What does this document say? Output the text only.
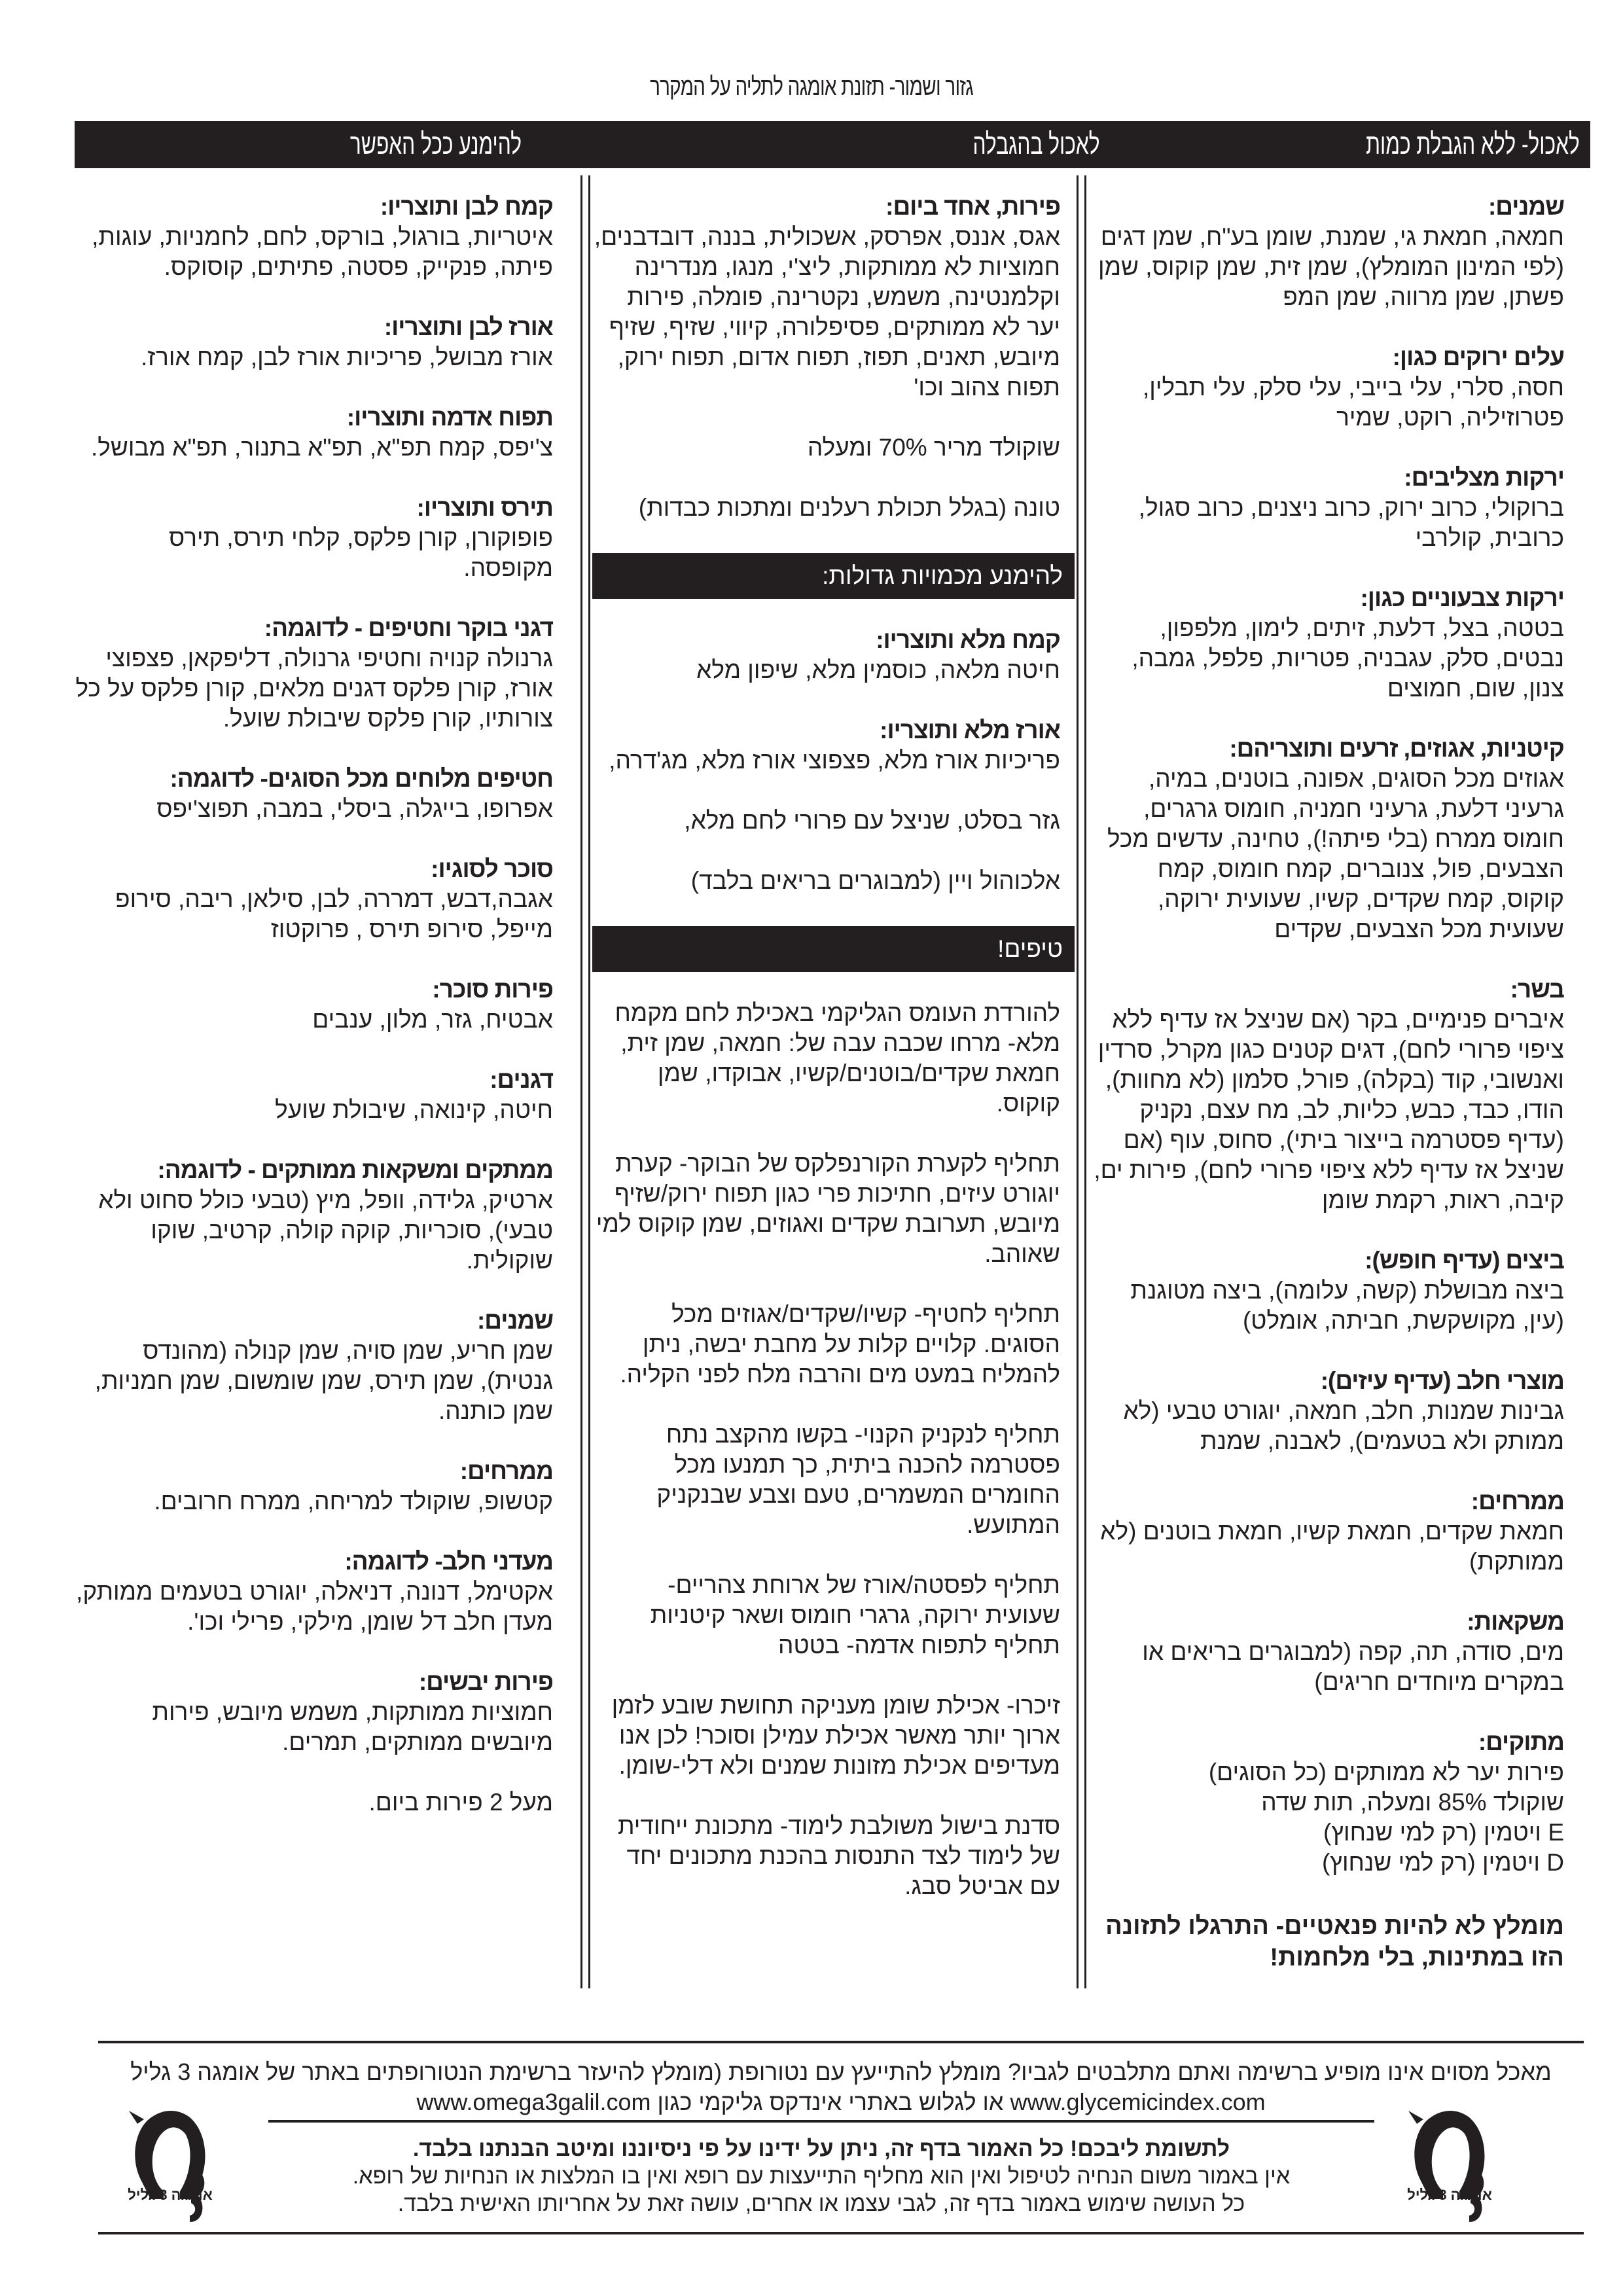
גזור ושמור- תזונת אומגה לתליה על המקרר
לאכול- ללא הגבלת כמות
לאכול בהגבלה
להימנע ככל האפשר
שמנים:
חמאה, חמאת גי, שמנת, שומן בע"ח, שמן דגים (לפי המינון המומלץ), שמן זית, שמן קוקוס, שמן פשתן, שמן מרווה, שמן המפ
עלים ירוקים כגון:
חסה, סלרי, עלי בייבי, עלי סלק, עלי תבלין, פטרוזיליה, רוקט, שמיר
ירקות מצליבים:
ברוקולי, כרוב ירוק, כרוב ניצנים, כרוב סגול, כרובית, קולרבי
ירקות צבעוניים כגון:
בטטה, בצל, דלעת, זיתים, לימון, מלפפון, נבטים, סלק, עגבניה, פטריות, פלפל, גמבה, צנון, שום, חמוצים
קיטניות, אגוזים, זרעים ותוצריהם:
אגוזים מכל הסוגים, אפונה, בוטנים, במיה, גרעיני דלעת, גרעיני חמניה, חומוס גרגרים, חומוס ממרח (בלי פיתה!), טחינה, עדשים מכל הצבעים, פול, צנוברים, קמח חומוס, קמח קוקוס, קמח שקדים, קשיו, שעועית ירוקה, שעועית מכל הצבעים, שקדים
בשר:
איברים פנימיים, בקר (אם שניצל אז עדיף ללא ציפוי פרורי לחם), דגים קטנים כגון מקרל, סרדין ואנשובי, קוד (בקלה), פורל, סלמון (לא מחוות), הודו, כבד, כבש, כליות, לב, מח עצם, נקניק (עדיף פסטרמה בייצור ביתי), סחוס, עוף (אם שניצל אז עדיף ללא ציפוי פרורי לחם), פירות ים, קיבה, ראות, רקמת שומן
ביצים (עדיף חופש):
ביצה מבושלת (קשה, עלומה), ביצה מטוגנת (עין, מקושקשת, חביתה, אומלט)
מוצרי חלב (עדיף עיזים):
גבינות שמנות, חלב, חמאה, יוגורט טבעי (לא ממותק ולא בטעמים), לאבנה, שמנת
ממרחים:
חמאת שקדים, חמאת קשיו, חמאת בוטנים (לא ממותקת)
משקאות:
מים, סודה, תה, קפה (למבוגרים בריאים או במקרים מיוחדים חריגים)
מתוקים:
פירות יער לא ממותקים (כל הסוגים)
שוקולד 85% ומעלה, תות שדה
E ויטמין (רק למי שנחוץ)
D ויטמין (רק למי שנחוץ)
מומלץ לא להיות פנאטיים- התרגלו לתזונה הזו במתינות, בלי מלחמות!
פירות, אחד ביום:
אגס, אננס, אפרסק, אשכולית, בננה, דובדבנים, חמוציות לא ממותקות, ליצ'י, מנגו, מנדרינה וקלמנטינה, משמש, נקטרינה, פומלה, פירות יער לא ממותקים, פסיפלורה, קיווי, שזיף, שזיף מיובש, תאנים, תפוז, תפוח אדום, תפוח ירוק, תפוח צהוב וכו'
שוקולד מריר 70% ומעלה
טונה (בגלל תכולת רעלנים ומתכות כבדות)
להימנע מכמויות גדולות:
קמח מלא ותוצריו:
חיטה מלאה, כוסמין מלא, שיפון מלא
אורז מלא ותוצריו:
פריכיות אורז מלא, פצפוצי אורז מלא, מג'דרה,
גזר בסלט, שניצל עם פרורי לחם מלא,
אלכוהול ויין (למבוגרים בריאים בלבד)
טיפים!
להורדת העומס הגליקמי באכילת לחם מקמח מלא- מרחו שכבה עבה של: חמאה, שמן זית, חמאת שקדים/בוטנים/קשיו, אבוקדו, שמן קוקוס.
תחליף לקערת הקורנפלקס של הבוקר- קערת יוגורט עיזים, חתיכות פרי כגון תפוח ירוק/שזיף מיובש, תערובת שקדים ואגוזים, שמן קוקוס למי שאוהב.
תחליף לחטיף- קשיו/שקדים/אגוזים מכל הסוגים. קלויים קלות על מחבת יבשה, ניתן להמליח במעט מים והרבה מלח לפני הקליה.
תחליף לנקניק הקנוי- בקשו מהקצב נתח פסטרמה להכנה ביתית, כך תמנעו מכל החומרים המשמרים, טעם וצבע שבנקניק המתועש.
תחליף לפסטה/אורז של ארוחת צהריים- שעועית ירוקה, גרגרי חומוס ושאר קיטניות תחליף לתפוח אדמה- בטטה
זיכרו- אכילת שומן מעניקה תחושת שובע לזמן ארוך יותר מאשר אכילת עמילן וסוכר! לכן אנו מעדיפים אכילת מזונות שמנים ולא דלי-שומן.
סדנת בישול משולבת לימוד- מתכונת ייחודית של לימוד לצד התנסות בהכנת מתכונים יחד עם אביטל סבג.
קמח לבן ותוצריו:
איטריות, בורגול, בורקס, לחם, לחמניות, עוגות, פיתה, פנקייק, פסטה, פתיתים, קוסוקס.
אורז לבן ותוצריו:
אורז מבושל, פריכיות אורז לבן, קמח אורז.
תפוח אדמה ותוצריו:
צ'יפס, קמח תפ"א, תפ"א בתנור, תפ"א מבושל.
תירס ותוצריו:
פופוקורן, קורן פלקס, קלחי תירס, תירס מקופסה.
דגני בוקר וחטיפים - לדוגמה:
גרנולה קנויה וחטיפי גרנולה, דליפקאן, פצפוצי אורז, קורן פלקס דגנים מלאים, קורן פלקס על כל צורותיו, קורן פלקס שיבולת שועל.
חטיפים מלוחים מכל הסוגים- לדוגמה:
אפרופו, בייגלה, ביסלי, במבה, תפוצ'יפס
סוכר לסוגיו:
אגבה,דבש, דמררה, לבן, סילאן, ריבה, סירופ מייפל, סירופ תירס , פרוקטוז
פירות סוכר:
אבטיח, גזר, מלון, ענבים
דגנים:
חיטה, קינואה, שיבולת שועל
ממתקים ומשקאות ממותקים - לדוגמה:
ארטיק, גלידה, וופל, מיץ (טבעי כולל סחוט ולא טבעי), סוכריות, קוקה קולה, קרטיב, שוקו שוקולית.
שמנים:
שמן חריע, שמן סויה, שמן קנולה (מהונדס גנטית), שמן תירס, שמן שומשום, שמן חמניות, שמן כותנה.
ממרחים:
קטשופ, שוקולד למריחה, ממרח חרובים.
מעדני חלב- לדוגמה:
אקטימל, דנונה, דניאלה, יוגורט בטעמים ממותק, מעדן חלב דל שומן, מילקי, פרילי וכו'.
פירות יבשים:
חמוציות ממותקות, משמש מיובש, פירות מיובשים ממותקים, תמרים.
מעל 2 פירות ביום.
מאכל מסוים אינו מופיע ברשימה ואתם מתלבטים לגביו? מומלץ להתייעץ עם נטורופת (מומלץ להיעזר ברשימת הנטורופתים באתר של אומגה 3 גליל
www.glycemicindex.com או לגלוש באתרי אינדקס גליקמי כגון www.omega3galil.com
לתשומת ליבכם! כל האמור בדף זה, ניתן על ידינו על פי ניסיוננו ומיטב הבנתנו בלבד.
אין באמור משום הנחיה לטיפול ואין הוא מחליף התייעצות עם רופא ואין בו המלצות או הנחיות של רופא.
כל העושה שימוש באמור בדף זה, לגבי עצמו או אחרים, עושה זאת על אחריותו האישית בלבד.
אומגה 3 גליל	אומגה 3 גליל
